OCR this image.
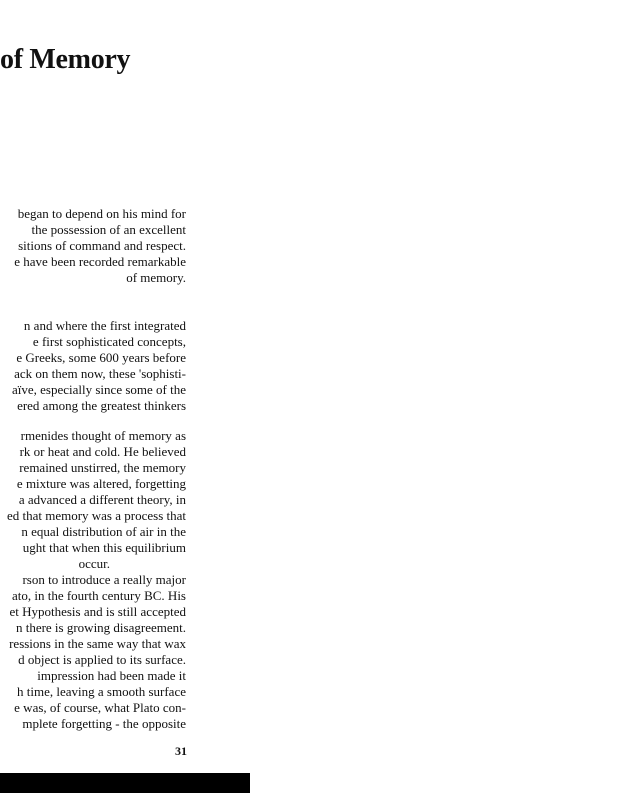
of Memory
began to depend on his mind for
the possession of an excellent
sitions of command and respect.
e have been recorded remarkable
of memory.
n and where the first integrated
e first sophisticated concepts,
e Greeks, some 600 years before
ack on them now, these 'sophisti-
aïve, especially since some of the
ered among the greatest thinkers
rmenides thought of memory as
rk or heat and cold. He believed
remained unstirred, the memory
e mixture was altered, forgetting
a advanced a different theory, in
ed that memory was a process that
n equal distribution of air in the
ught that when this equilibrium
occur.
rson to introduce a really major
ato, in the fourth century BC. His
et Hypothesis and is still accepted
n there is growing disagreement.
ressions in the same way that wax
d object is applied to its surface.
impression had been made it
h time, leaving a smooth surface
e was, of course, what Plato con-
mplete forgetting - the opposite
31
